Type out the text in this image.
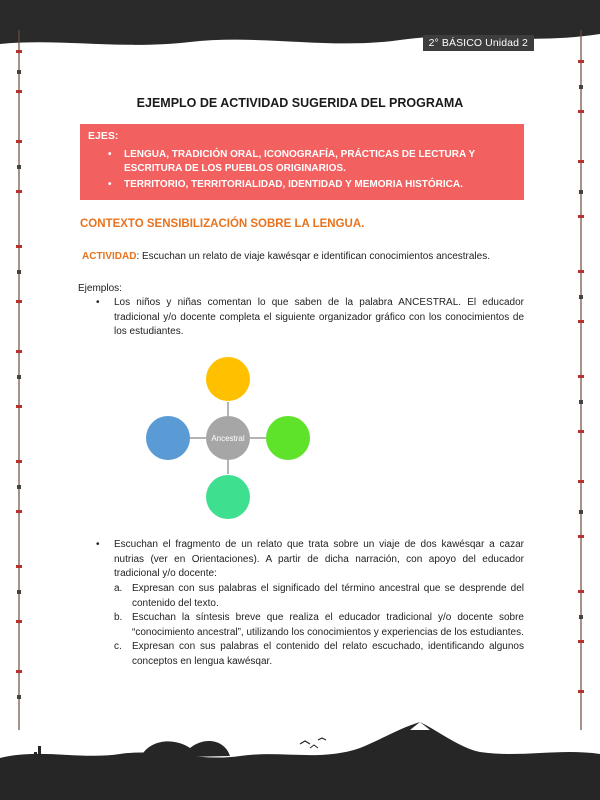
2° BÁSICO Unidad 2
EJEMPLO DE ACTIVIDAD SUGERIDA DEL PROGRAMA
EJES:
• LENGUA, TRADICIÓN ORAL, ICONOGRAFÍA, PRÁCTICAS DE LECTURA Y ESCRITURA DE LOS PUEBLOS ORIGINARIOS.
• TERRITORIO, TERRITORIALIDAD, IDENTIDAD Y MEMORIA HISTÓRICA.
CONTEXTO SENSIBILIZACIÓN SOBRE LA LENGUA.
ACTIVIDAD: Escuchan un relato de viaje kawésqar e identifican conocimientos ancestrales.
Ejemplos:
• Los niños y niñas comentan lo que saben de la palabra ANCESTRAL. El educador tradicional y/o docente completa el siguiente organizador gráfico con los conocimientos de los estudiantes.
Ancestral
• Escuchan el fragmento de un relato que trata sobre un viaje de dos kawésqar a cazar nutrias (ver en Orientaciones). A partir de dicha narración, con apoyo del educador tradicional y/o docente:
a. Expresan con sus palabras el significado del término ancestral que se desprende del contenido del texto.
b. Escuchan la síntesis breve que realiza el educador tradicional y/o docente sobre “conocimiento ancestral”, utilizando los conocimientos y experiencias de los estudiantes.
c. Expresan con sus palabras el contenido del relato escuchado, identificando algunos conceptos en lengua kawésqar.
